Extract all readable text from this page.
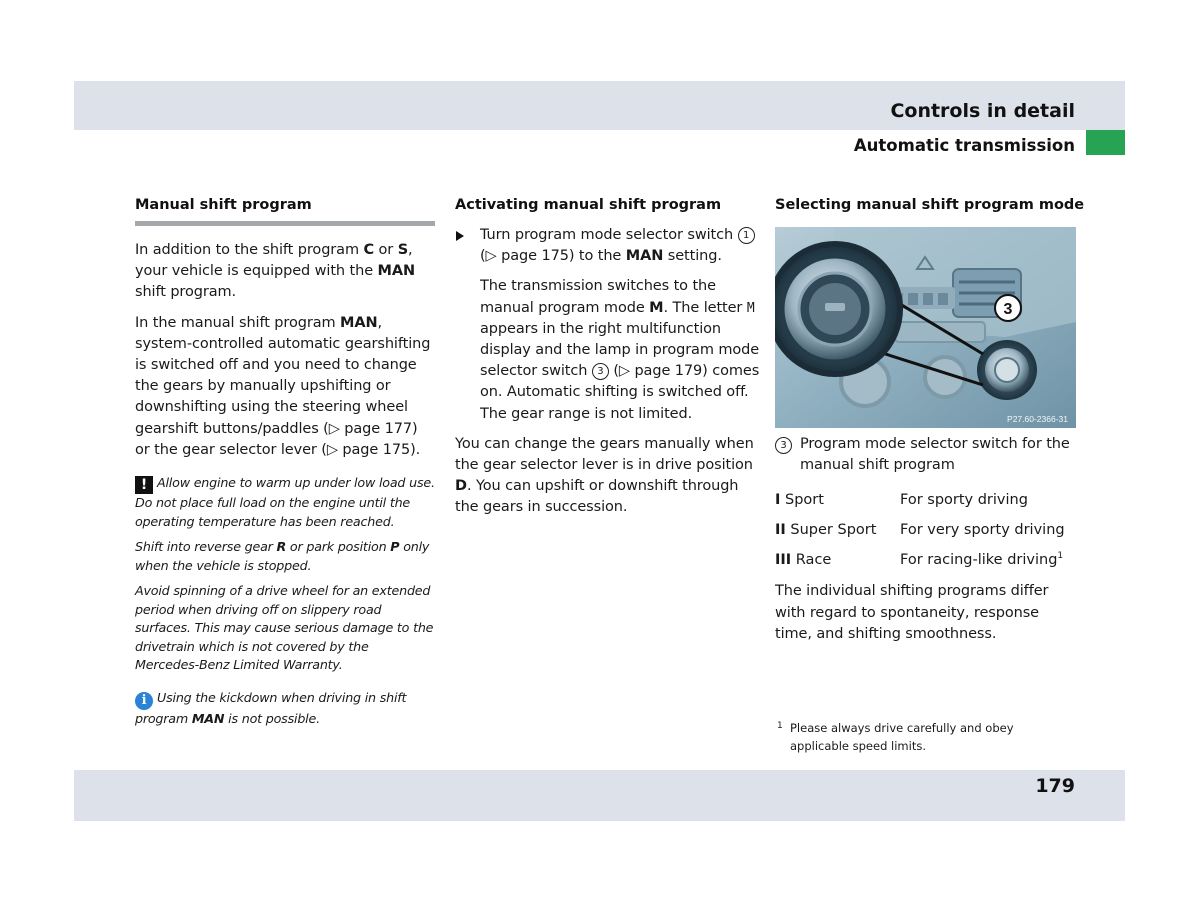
Controls in detail
Automatic transmission
Manual shift program

In addition to the shift program C or S, your vehicle is equipped with the MAN shift program.

In the manual shift program MAN, system-controlled automatic gearshifting is switched off and you need to change the gears by manually upshifting or downshifting using the steering wheel gearshift buttons/paddles (▷ page 177) or the gear selector lever (▷ page 175).

! Allow engine to warm up under low load use. Do not place full load on the engine until the operating temperature has been reached.

Shift into reverse gear R or park position P only when the vehicle is stopped.

Avoid spinning of a drive wheel for an extended period when driving off on slippery road surfaces. This may cause serious damage to the drivetrain which is not covered by the Mercedes-Benz Limited Warranty.

i Using the kickdown when driving in shift program MAN is not possible.

Activating manual shift program
Turn program mode selector switch 1 (▷ page 175) to the MAN setting.

The transmission switches to the manual program mode M. The letter M appears in the right multifunction display and the lamp in program mode selector switch 3 (▷ page 179) comes on. Automatic shifting is switched off. The gear range is not limited.

You can change the gears manually when the gear selector lever is in drive position D. You can upshift or downshift through the gears in succession.

Selecting manual shift program mode
3
P27.60-2366-31
3 Program mode selector switch for the manual shift program
I Sport	For sporty driving
II Super Sport	For very sporty driving
III Race	For racing-like driving$^1$

The individual shifting programs differ with regard to spontaneity, response time, and shifting smoothness.

1 Please always drive carefully and obey applicable speed limits.
179
